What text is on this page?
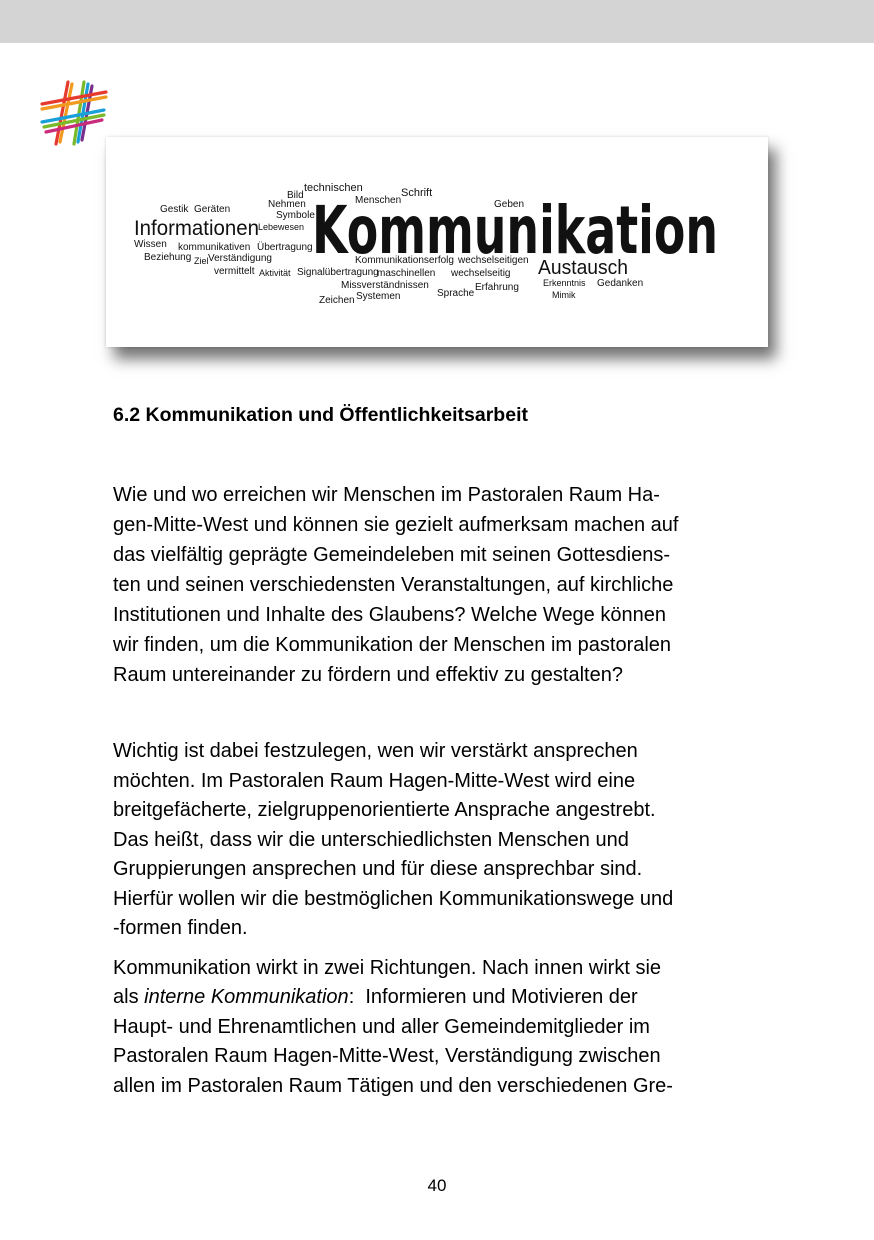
Kommunikation
Informationen
Austausch
Gestik Geräten
Bild
technischen
Menschen
Schrift
Nehmen
Symbole
Lebewesen
Geben
Wissen kommunikativen Übertragung
Beziehung Ziel Verständigung
vermittelt Aktivität Signalübertragung
maschinellen
Kommunikationserfolg wechselseitigen
wechselseitig
Missverständnissen
Zeichen Systemen	Sprache
Erfahrung	Erkenntnis Gedanken
Mimik
6.2 Kommunikation und Öffentlichkeitsarbeit

Wie und wo erreichen wir Menschen im Pastoralen Raum Ha-

gen-Mitte-West und können sie gezielt aufmerksam machen auf

das vielfältig geprägte Gemeindeleben mit seinen Gottesdiens-

ten und seinen verschiedensten Veranstaltungen, auf kirchliche

Institutionen und Inhalte des Glaubens? Welche Wege können

wir finden, um die Kommunikation der Menschen im pastoralen

Raum untereinander zu fördern und effektiv zu gestalten?

Wichtig ist dabei festzulegen, wen wir verstärkt ansprechen

möchten. Im Pastoralen Raum Hagen-Mitte-West wird eine

breitgefächerte, zielgruppenorientierte Ansprache angestrebt.

Das heißt, dass wir die unterschiedlichsten Menschen und

Gruppierungen ansprechen und für diese ansprechbar sind.

Hierfür wollen wir die bestmöglichen Kommunikationswege und

-formen finden.

Kommunikation wirkt in zwei Richtungen. Nach innen wirkt sie

als interne Kommunikation:  Informieren und Motivieren der

Haupt- und Ehrenamtlichen und aller Gemeindemitglieder im

Pastoralen Raum Hagen-Mitte-West, Verständigung zwischen

allen im Pastoralen Raum Tätigen und den verschiedenen Gre-

40
